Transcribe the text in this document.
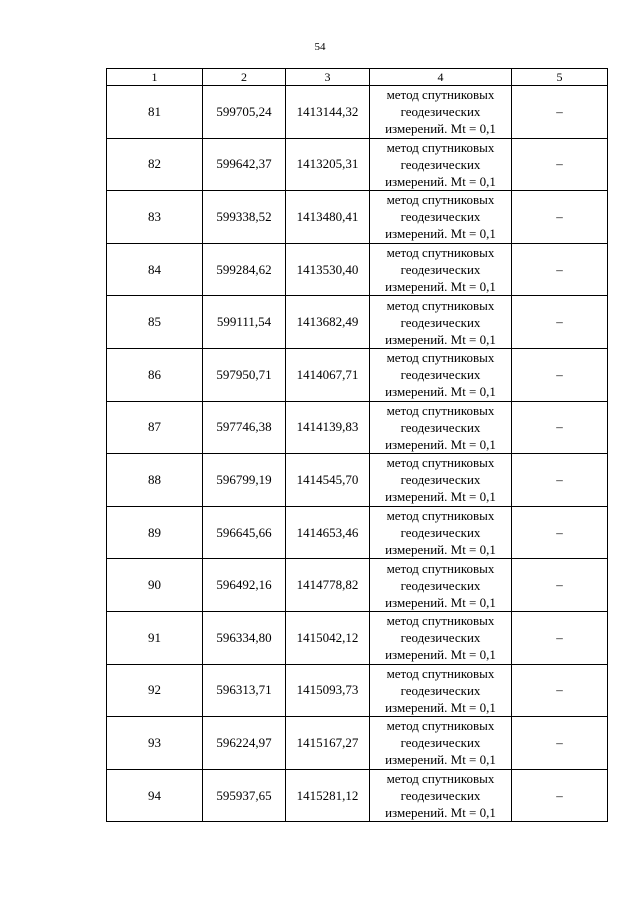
54
1	2	3	4	5
81	599705,24	1413144,32	метод спутниковых
геодезических
измерений. Mt = 0,1	–
82	599642,37	1413205,31	метод спутниковых
геодезических
измерений. Mt = 0,1	–
83	599338,52	1413480,41	метод спутниковых
геодезических
измерений. Mt = 0,1	–
84	599284,62	1413530,40	метод спутниковых
геодезических
измерений. Mt = 0,1	–
85	599111,54	1413682,49	метод спутниковых
геодезических
измерений. Mt = 0,1	–
86	597950,71	1414067,71	метод спутниковых
геодезических
измерений. Mt = 0,1	–
87	597746,38	1414139,83	метод спутниковых
геодезических
измерений. Mt = 0,1	–
88	596799,19	1414545,70	метод спутниковых
геодезических
измерений. Mt = 0,1	–
89	596645,66	1414653,46	метод спутниковых
геодезических
измерений. Mt = 0,1	–
90	596492,16	1414778,82	метод спутниковых
геодезических
измерений. Mt = 0,1	–
91	596334,80	1415042,12	метод спутниковых
геодезических
измерений. Mt = 0,1	–
92	596313,71	1415093,73	метод спутниковых
геодезических
измерений. Mt = 0,1	–
93	596224,97	1415167,27	метод спутниковых
геодезических
измерений. Mt = 0,1	–
94	595937,65	1415281,12	метод спутниковых
геодезических
измерений. Mt = 0,1	–
